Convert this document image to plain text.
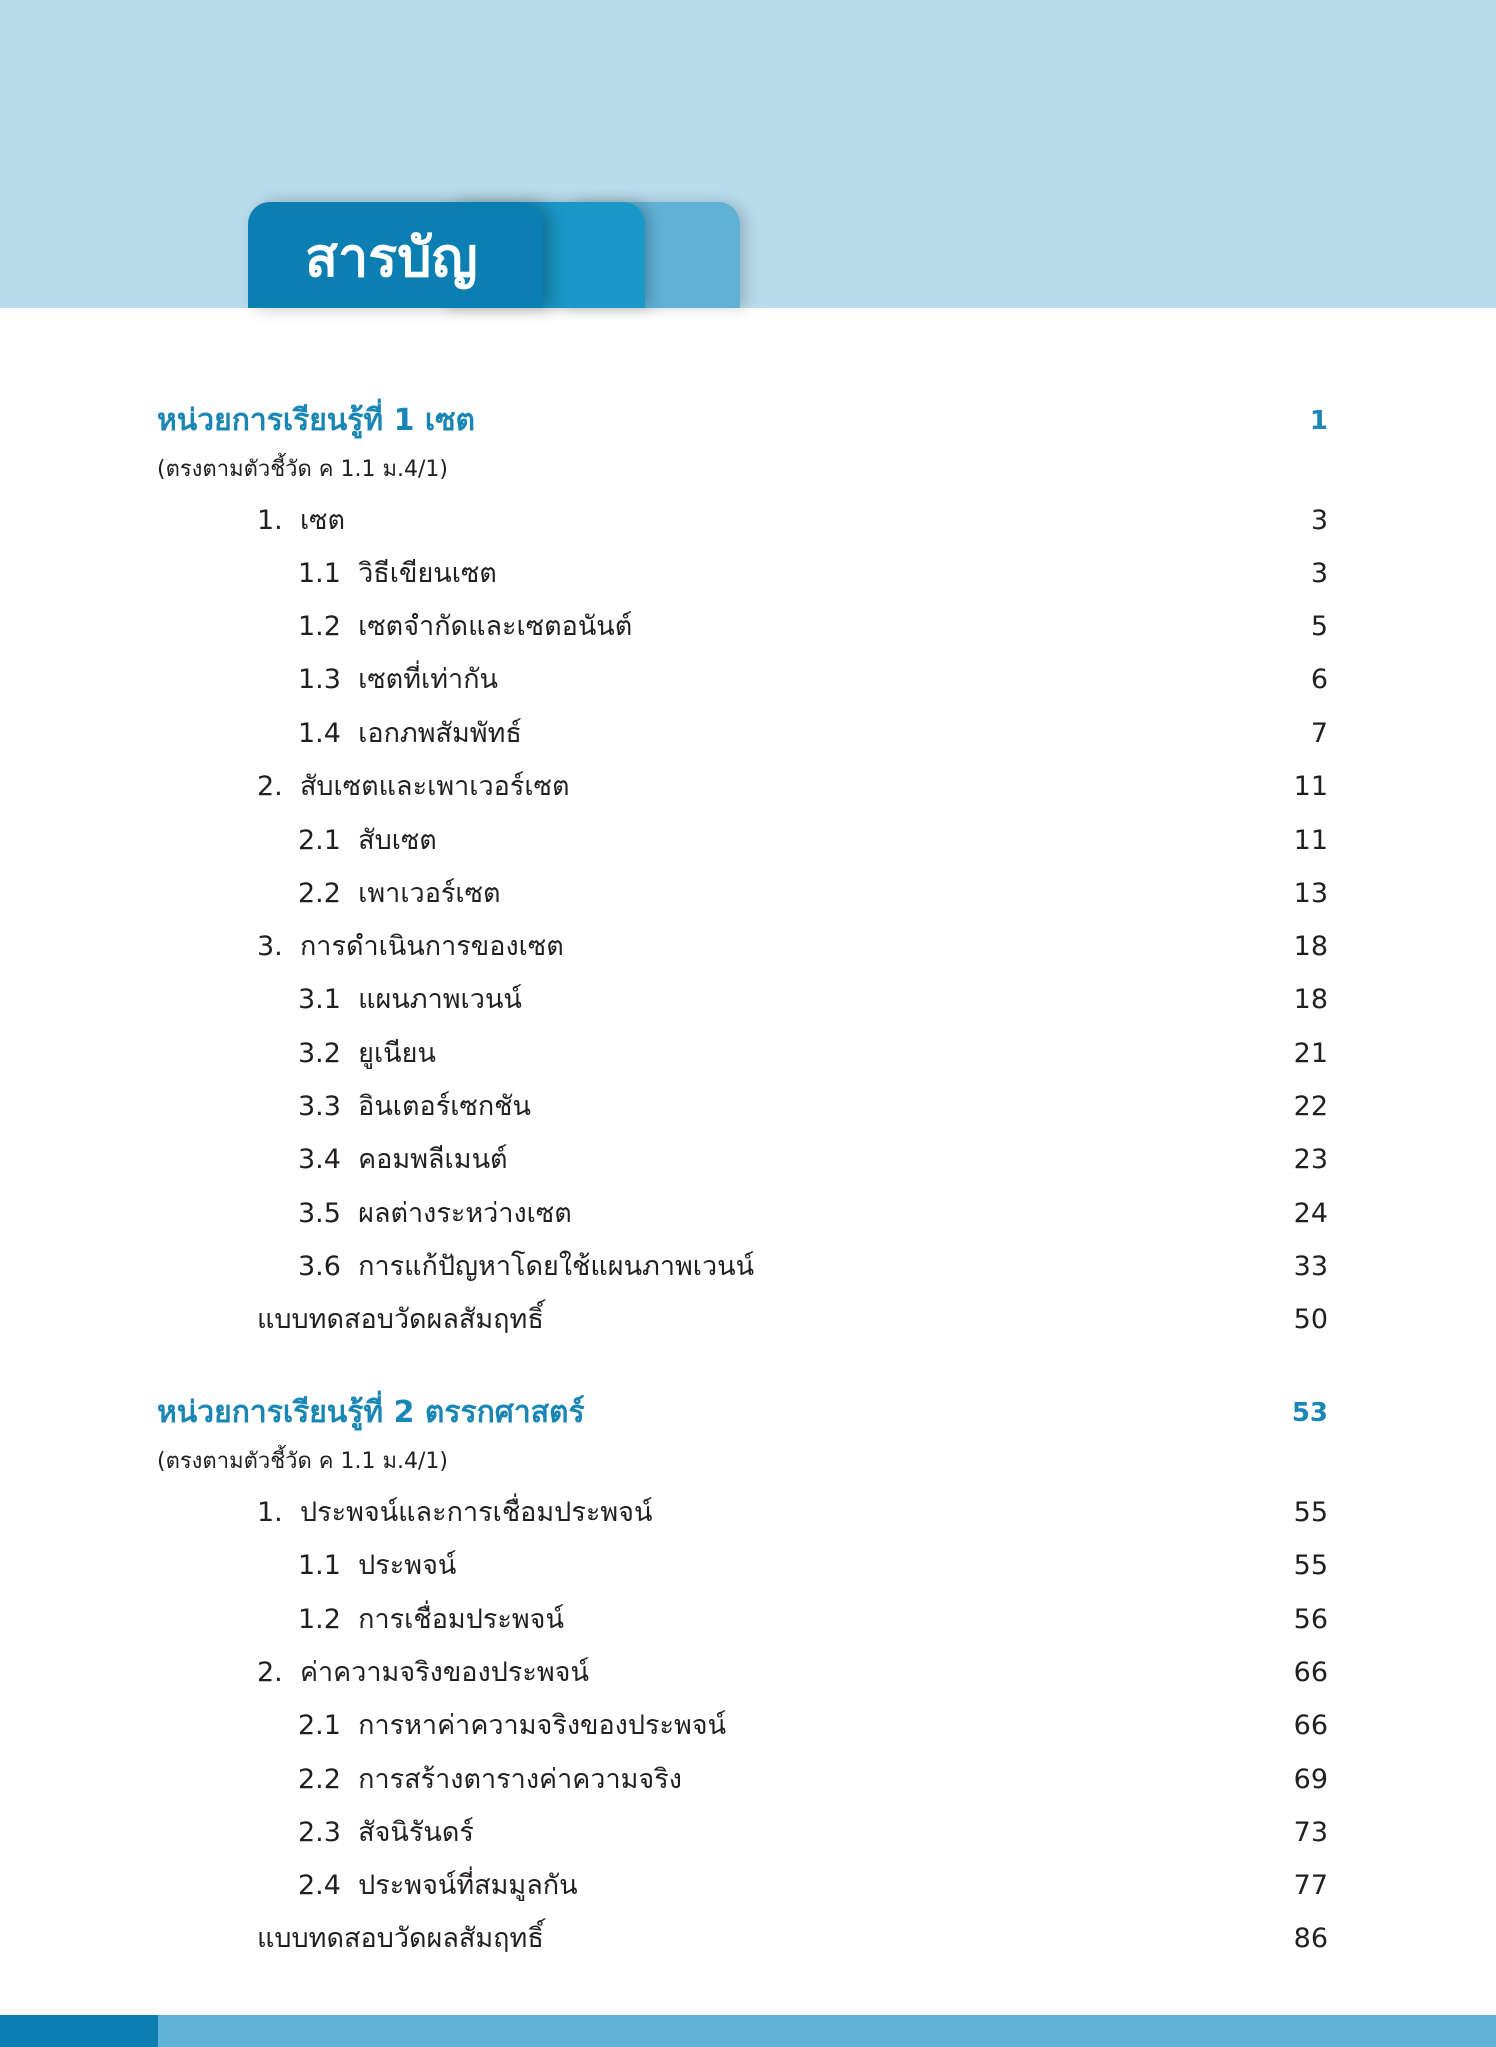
สารบัญ
หน่วยการเรียนรู้ที่ 1 เซต	1
(ตรงตามตัวชี้วัด ค 1.1 ม.4/1)
1. เซต	3
1.1 วิธีเขียนเซต	3
1.2 เซตจำกัดและเซตอนันต์	5
1.3 เซตที่เท่ากัน	6
1.4 เอกภพสัมพัทธ์	7
2. สับเซตและเพาเวอร์เซต	11
2.1 สับเซต	11
2.2 เพาเวอร์เซต	13
3. การดำเนินการของเซต	18
3.1 แผนภาพเวนน์	18
3.2 ยูเนียน	21
3.3 อินเตอร์เซกชัน	22
3.4 คอมพลีเมนต์	23
3.5 ผลต่างระหว่างเซต	24
3.6 การแก้ปัญหาโดยใช้แผนภาพเวนน์	33
แบบทดสอบวัดผลสัมฤทธิ์	50
หน่วยการเรียนรู้ที่ 2 ตรรกศาสตร์	53
(ตรงตามตัวชี้วัด ค 1.1 ม.4/1)
1. ประพจน์และการเชื่อมประพจน์	55
1.1 ประพจน์	55
1.2 การเชื่อมประพจน์	56
2. ค่าความจริงของประพจน์	66
2.1 การหาค่าความจริงของประพจน์	66
2.2 การสร้างตารางค่าความจริง	69
2.3 สัจนิรันดร์	73
2.4 ประพจน์ที่สมมูลกัน	77
แบบทดสอบวัดผลสัมฤทธิ์	86
